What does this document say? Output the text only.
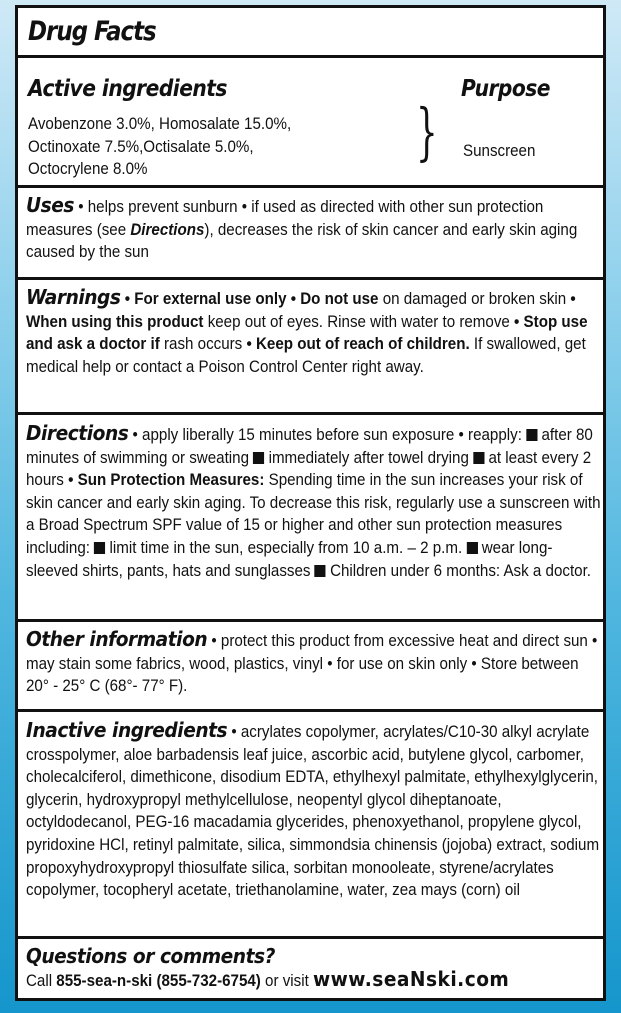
Drug Facts
Active ingredients	Purpose
Avobenzone 3.0%, Homosalate 15.0%,
Octinoxate 7.5%,Octisalate 5.0%,
Octocrylene 8.0%
} Sunscreen
Uses • helps prevent sunburn • if used as directed with other sun protection measures (see Directions), decreases the risk of skin cancer and early skin aging caused by the sun
Warnings • For external use only • Do not use on damaged or broken skin • When using this product keep out of eyes. Rinse with water to remove • Stop use and ask a doctor if rash occurs • Keep out of reach of children. If swallowed, get medical help or contact a Poison Control Center right away.
Directions • apply liberally 15 minutes before sun exposure • reapply:  after 80 minutes of swimming or sweating  immediately after towel drying  at least every 2 hours • Sun Protection Measures: Spending time in the sun increases your risk of skin cancer and early skin aging. To decrease this risk, regularly use a sunscreen with a Broad Spectrum SPF value of 15 or higher and other sun protection measures including:  limit time in the sun, especially from 10 a.m. – 2 p.m.  wear long-sleeved shirts, pants, hats and sunglasses  Children under 6 months: Ask a doctor.
Other information • protect this product from excessive heat and direct sun • may stain some fabrics, wood, plastics, vinyl • for use on skin only • Store between 20° - 25° C (68°- 77° F).
Inactive ingredients • acrylates copolymer, acrylates/C10-30 alkyl acrylate crosspolymer, aloe barbadensis leaf juice, ascorbic acid, butylene glycol, carbomer, cholecalciferol, dimethicone, disodium EDTA, ethylhexyl palmitate, ethylhexylglycerin, glycerin, hydroxypropyl methylcellulose, neopentyl glycol diheptanoate, octyldodecanol, PEG-16 macadamia glycerides, phenoxyethanol, propylene glycol, pyridoxine HCl, retinyl palmitate, silica, simmondsia chinensis (jojoba) extract, sodium propoxyhydroxypropyl thiosulfate silica, sorbitan monooleate, styrene/acrylates copolymer, tocopheryl acetate, triethanolamine, water, zea mays (corn) oil
Questions or comments?
Call 855-sea-n-ski (855-732-6754) or visit www.seaNski.com
